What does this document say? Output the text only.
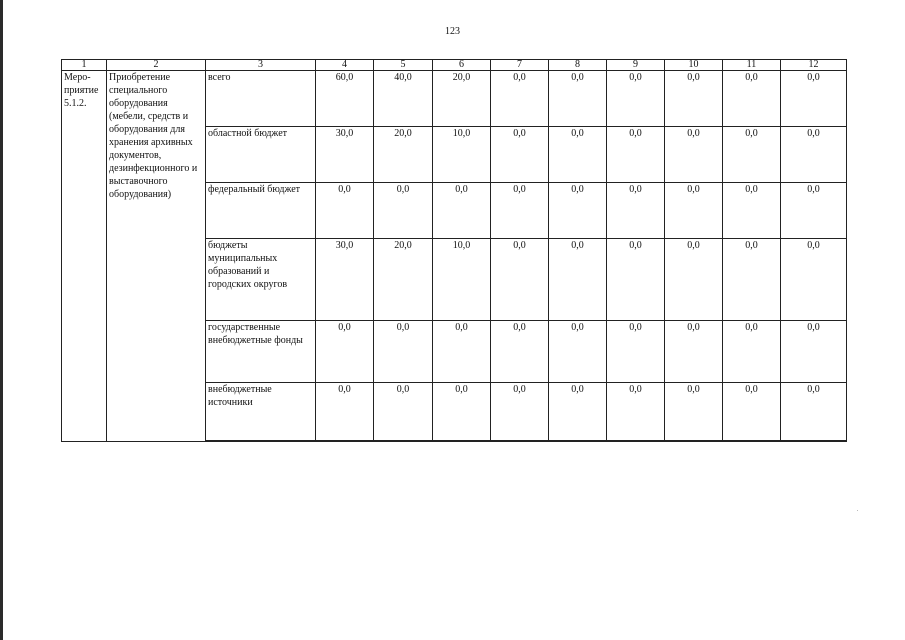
123
1	2	3	4	5	6	7	8	9	10	11	12
Меро-приятие 5.1.2.	Приобретение специального оборудования (мебели, средств и оборудования для хранения архивных документов, дезинфекционного и выставочного оборудования)	всего	60,0	40,0	20,0	0,0	0,0	0,0	0,0	0,0	0,0
		областной бюджет	30,0	20,0	10,0	0,0	0,0	0,0	0,0	0,0	0,0
		федеральный бюджет	0,0	0,0	0,0	0,0	0,0	0,0	0,0	0,0	0,0
		бюджеты муниципальных образований и городских округов	30,0	20,0	10,0	0,0	0,0	0,0	0,0	0,0	0,0
		государственные внебюджетные фонды	0,0	0,0	0,0	0,0	0,0	0,0	0,0	0,0	0,0
		внебюджетные источники	0,0	0,0	0,0	0,0	0,0	0,0	0,0	0,0	0,0
